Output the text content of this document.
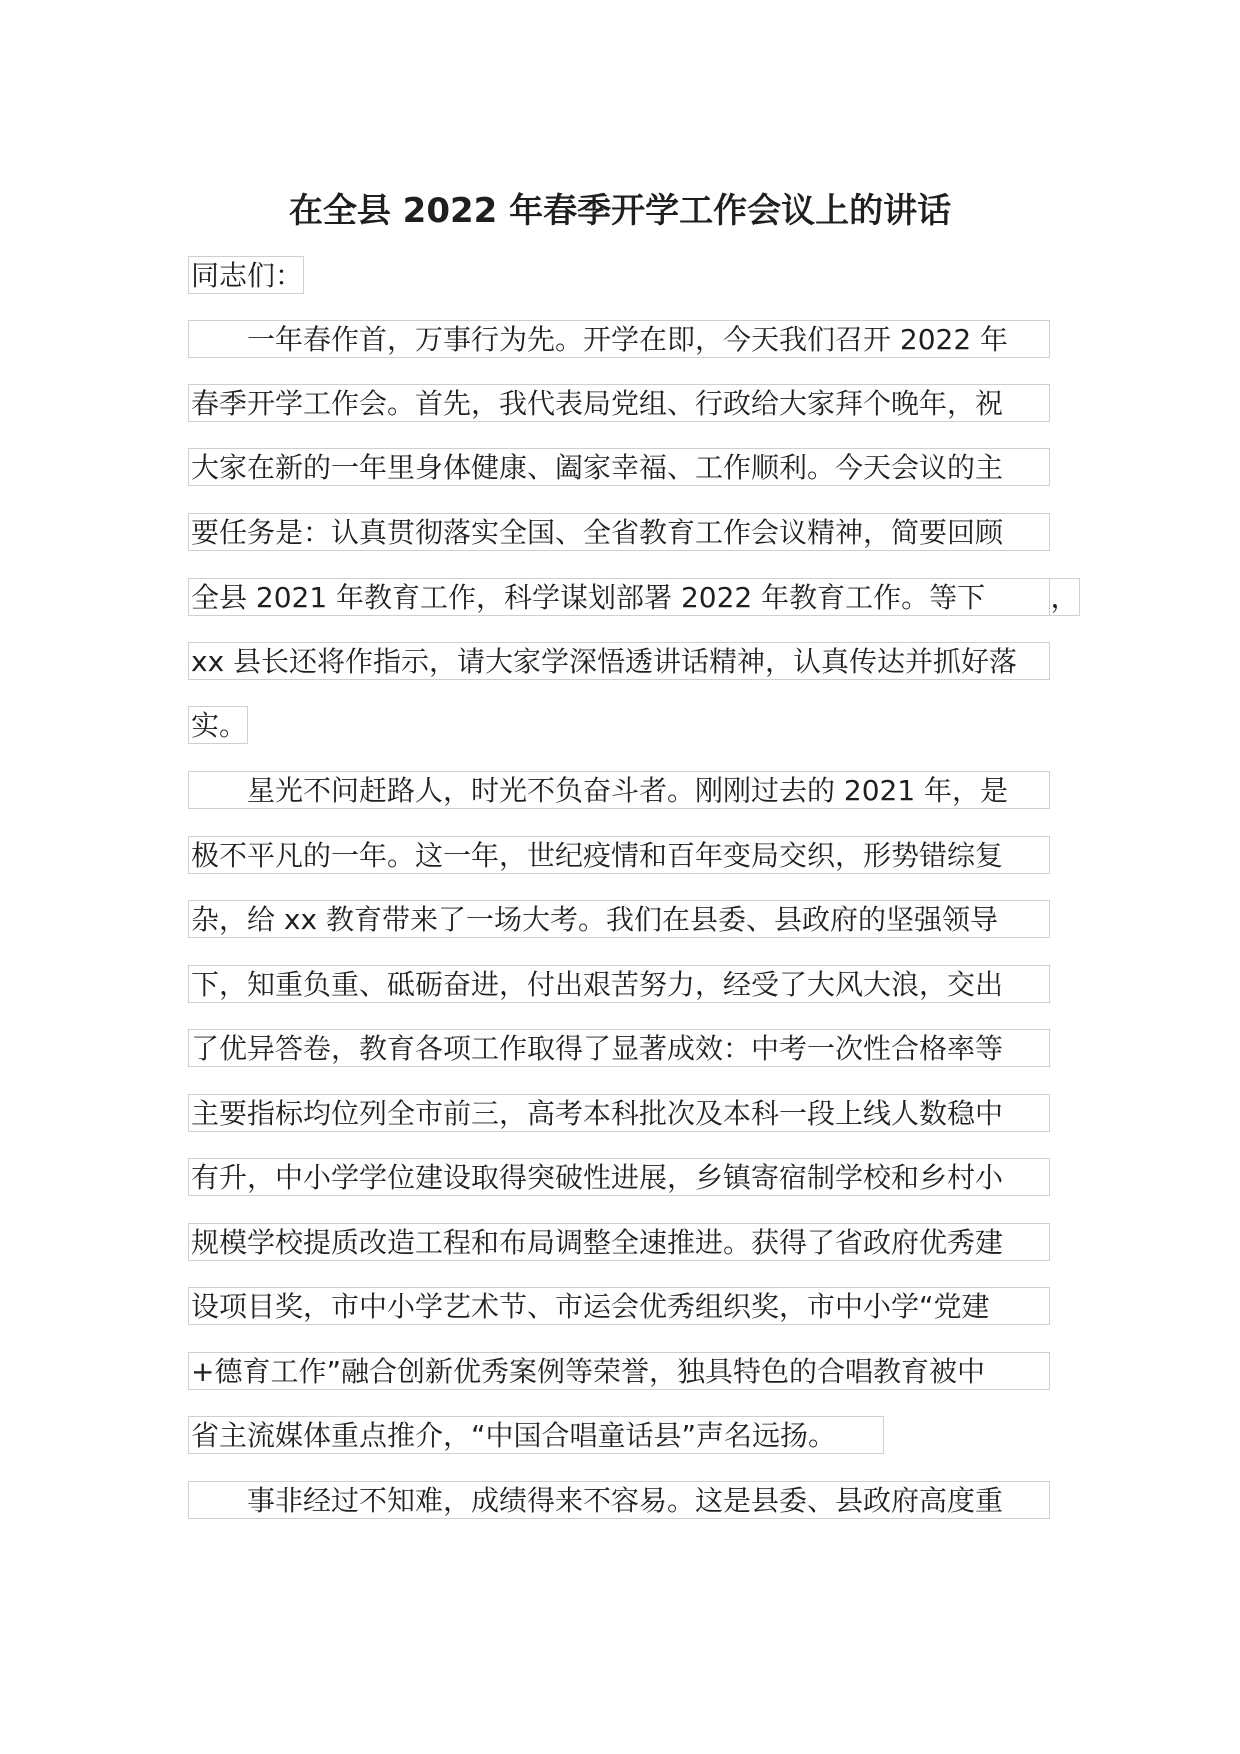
在全县 2022 年春季开学工作会议上的讲话
同志们：
一年春作首，万事行为先。开学在即，今天我们召开 2022 年
春季开学工作会。首先，我代表局党组、行政给大家拜个晚年，祝
大家在新的一年里身体健康、阖家幸福、工作顺利。今天会议的主
要任务是：认真贯彻落实全国、全省教育工作会议精神，简要回顾
全县 2021 年教育工作，科学谋划部署 2022 年教育工作。等下	，
xx 县长还将作指示，请大家学深悟透讲话精神，认真传达并抓好落
实。
星光不问赶路人，时光不负奋斗者。刚刚过去的 2021 年，是
极不平凡的一年。这一年，世纪疫情和百年变局交织，形势错综复
杂，给 xx 教育带来了一场大考。我们在县委、县政府的坚强领导
下，知重负重、砥砺奋进，付出艰苦努力，经受了大风大浪，交出
了优异答卷，教育各项工作取得了显著成效：中考一次性合格率等
主要指标均位列全市前三，高考本科批次及本科一段上线人数稳中
有升，中小学学位建设取得突破性进展，乡镇寄宿制学校和乡村小
规模学校提质改造工程和布局调整全速推进。获得了省政府优秀建
设项目奖，市中小学艺术节、市运会优秀组织奖，市中小学“党建
+德育工作”融合创新优秀案例等荣誉，独具特色的合唱教育被中
省主流媒体重点推介，“中国合唱童话县”声名远扬。
事非经过不知难，成绩得来不容易。这是县委、县政府高度重
